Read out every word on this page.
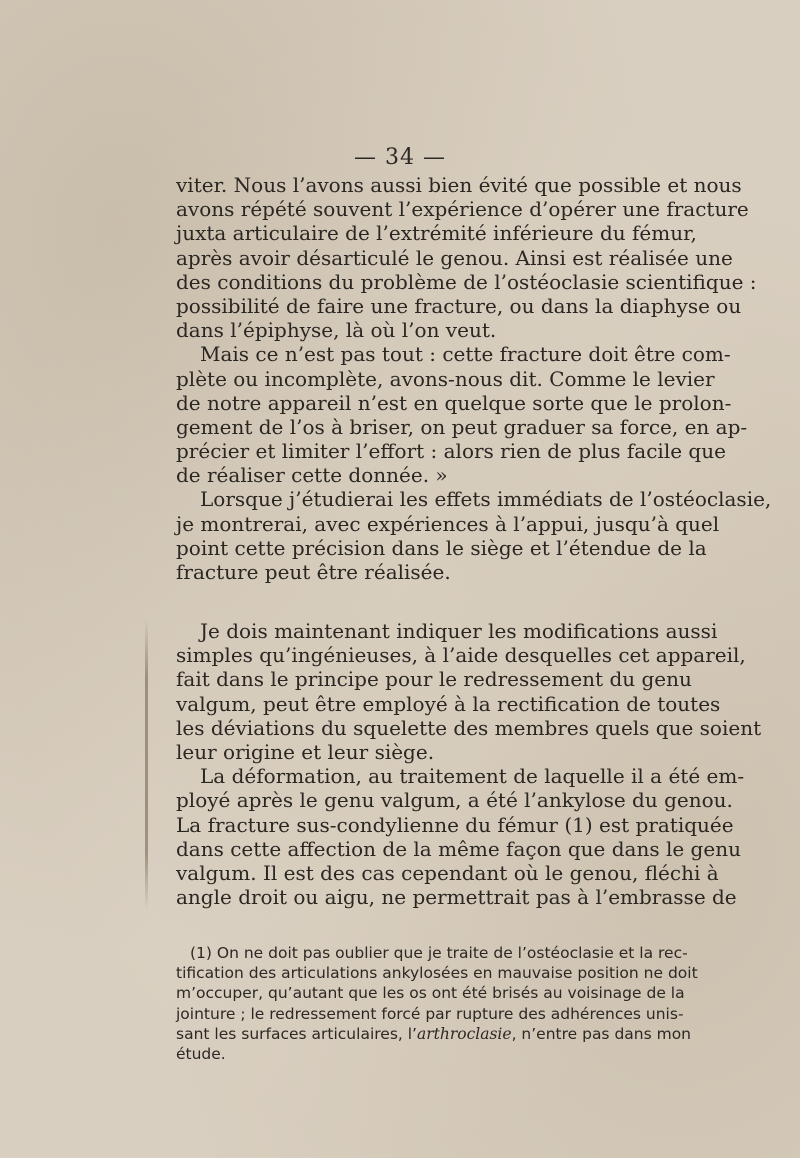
— 34 —
viter. Nous l’avons aussi bien évité que possible et nous
avons répété souvent l’expérience d’opérer une fracture
juxta articulaire de l’extrémité inférieure du fémur,
après avoir désarticulé le genou. Ainsi est réalisée une
des conditions du problème de l’ostéoclasie scientifique :
possibilité de faire une fracture, ou dans la diaphyse ou
dans l’épiphyse, là où l’on veut.
Mais ce n’est pas tout : cette fracture doit être com-
plète ou incomplète, avons-nous dit. Comme le levier
de notre appareil n’est en quelque sorte que le prolon-
gement de l’os à briser, on peut graduer sa force, en ap-
précier et limiter l’effort : alors rien de plus facile que
de réaliser cette donnée. »
Lorsque j’étudierai les effets immédiats de l’ostéoclasie,
je montrerai, avec expériences à l’appui, jusqu’à quel
point cette précision dans le siège et l’étendue de la
fracture peut être réalisée.
Je dois maintenant indiquer les modifications aussi
simples qu’ingénieuses, à l’aide desquelles cet appareil,
fait dans le principe pour le redressement du genu
valgum, peut être employé à la rectification de toutes
les déviations du squelette des membres quels que soient
leur origine et leur siège.
La déformation, au traitement de laquelle il a été em-
ployé après le genu valgum, a été l’ankylose du genou.
La fracture sus-condylienne du fémur (1) est pratiquée
dans cette affection de la même façon que dans le genu
valgum. Il est des cas cependant où le genou, fléchi à
angle droit ou aigu, ne permettrait pas à l’embrasse de
(1) On ne doit pas oublier que je traite de l’ostéoclasie et la rec-
tification des articulations ankylosées en mauvaise position ne doit
m’occuper, qu’autant que les os ont été brisés au voisinage de la
jointure ; le redressement forcé par rupture des adhérences unis-
sant les surfaces articulaires, l’arthroclasie, n’entre pas dans mon
étude.
